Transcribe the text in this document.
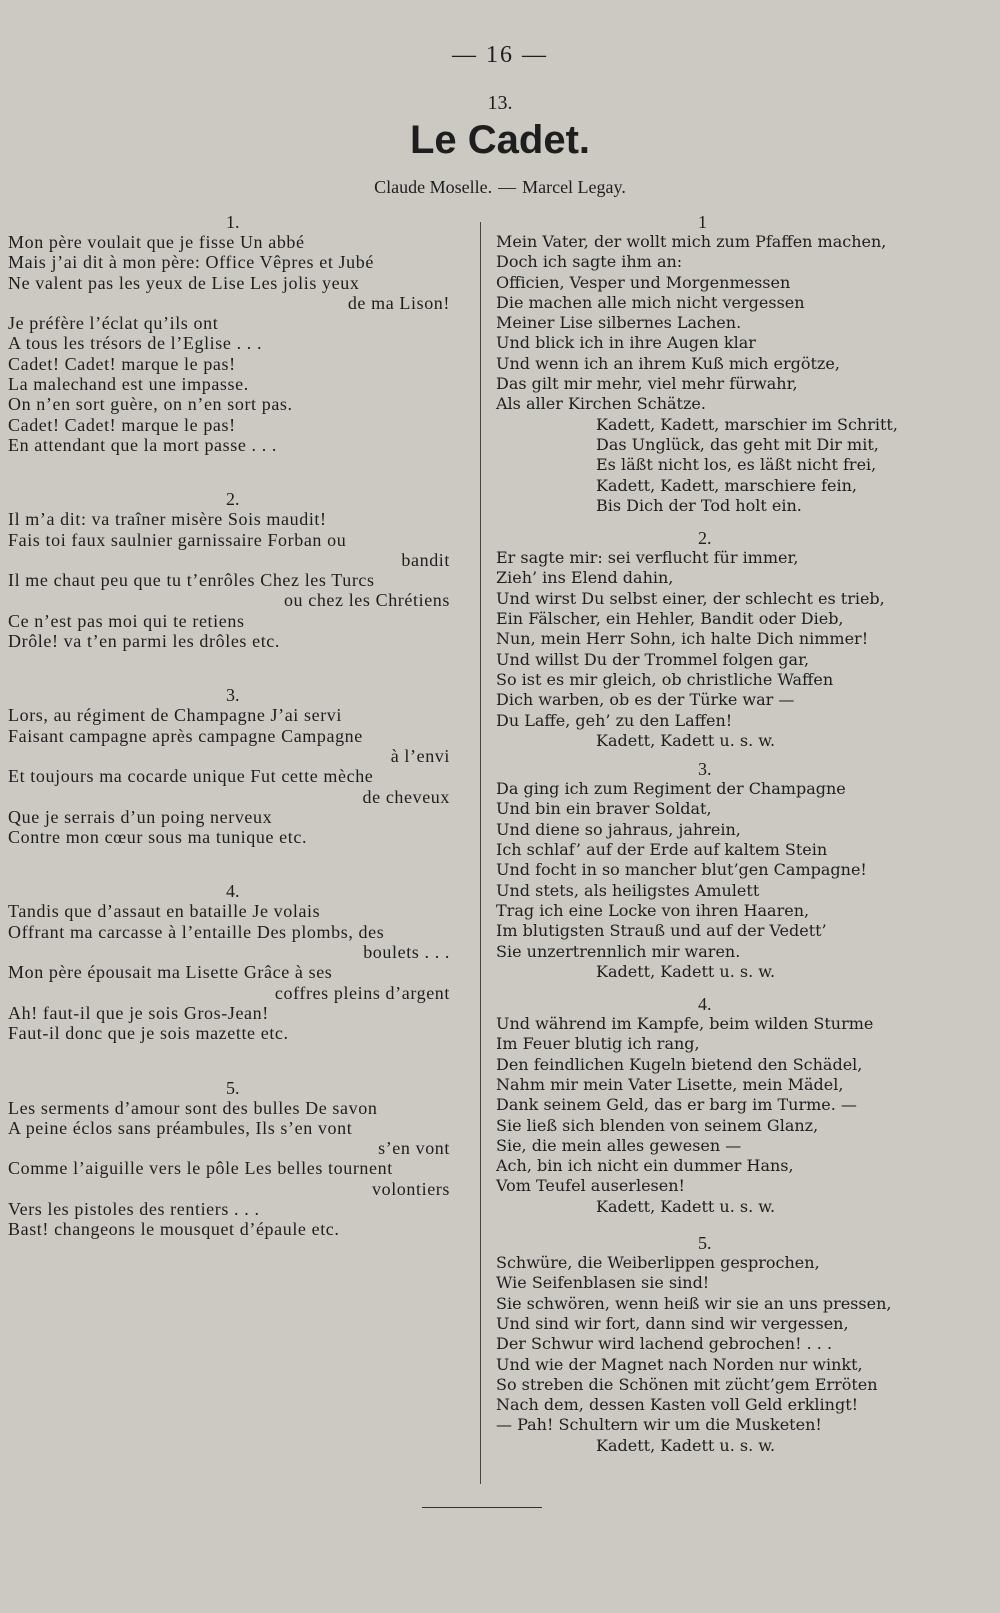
— 16 —
13.
Le Cadet.
Claude Moselle. — Marcel Legay.
1.
Mon père voulait que je fisse Un abbé
Mais j’ai dit à mon père: Office Vêpres et Jubé
Ne valent pas les yeux de Lise Les jolis yeux
de ma Lison!
Je préfère l’éclat qu’ils ont
A tous les trésors de l’Eglise . . .
Cadet! Cadet! marque le pas!
La malechand est une impasse.
On n’en sort guère, on n’en sort pas.
Cadet! Cadet! marque le pas!
En attendant que la mort passe . . .
2.
Il m’a dit: va traîner misère Sois maudit!
Fais toi faux saulnier garnissaire Forban ou
bandit
Il me chaut peu que tu t’enrôles Chez les Turcs
ou chez les Chrétiens
Ce n’est pas moi qui te retiens
Drôle! va t’en parmi les drôles etc.
3.
Lors, au régiment de Champagne J’ai servi
Faisant campagne après campagne Campagne
à l’envi
Et toujours ma cocarde unique Fut cette mèche
de cheveux
Que je serrais d’un poing nerveux
Contre mon cœur sous ma tunique etc.
4.
Tandis que d’assaut en bataille Je volais
Offrant ma carcasse à l’entaille Des plombs, des
boulets . . .
Mon père épousait ma Lisette Grâce à ses
coffres pleins d’argent
Ah! faut-il que je sois Gros-Jean!
Faut-il donc que je sois mazette etc.
5.
Les serments d’amour sont des bulles De savon
A peine éclos sans préambules, Ils s’en vont
s’en vont
Comme l’aiguille vers le pôle Les belles tournent
volontiers
Vers les pistoles des rentiers . . .
Bast! changeons le mousquet d’épaule etc.
1
Mein Vater, der wollt mich zum Pfaffen machen,
Doch ich sagte ihm an:
Officien, Vesper und Morgenmessen
Die machen alle mich nicht vergessen
Meiner Lise silbernes Lachen.
Und blick ich in ihre Augen klar
Und wenn ich an ihrem Kuß mich ergötze,
Das gilt mir mehr, viel mehr fürwahr,
Als aller Kirchen Schätze.
Kadett, Kadett, marschier im Schritt,
Das Unglück, das geht mit Dir mit,
Es läßt nicht los, es läßt nicht frei,
Kadett, Kadett, marschiere fein,
Bis Dich der Tod holt ein.
2.
Er sagte mir: sei verflucht für immer,
Zieh’ ins Elend dahin,
Und wirst Du selbst einer, der schlecht es trieb,
Ein Fälscher, ein Hehler, Bandit oder Dieb,
Nun, mein Herr Sohn, ich halte Dich nimmer!
Und willst Du der Trommel folgen gar,
So ist es mir gleich, ob christliche Waffen
Dich warben, ob es der Türke war —
Du Laffe, geh’ zu den Laffen!
Kadett, Kadett u. s. w.
3.
Da ging ich zum Regiment der Champagne
Und bin ein braver Soldat,
Und diene so jahraus, jahrein,
Ich schlaf’ auf der Erde auf kaltem Stein
Und focht in so mancher blut’gen Campagne!
Und stets, als heiligstes Amulett
Trag ich eine Locke von ihren Haaren,
Im blutigsten Strauß und auf der Vedett’
Sie unzertrennlich mir waren.
Kadett, Kadett u. s. w.
4.
Und während im Kampfe, beim wilden Sturme
Im Feuer blutig ich rang,
Den feindlichen Kugeln bietend den Schädel,
Nahm mir mein Vater Lisette, mein Mädel,
Dank seinem Geld, das er barg im Turme. —
Sie ließ sich blenden von seinem Glanz,
Sie, die mein alles gewesen —
Ach, bin ich nicht ein dummer Hans,
Vom Teufel auserlesen!
Kadett, Kadett u. s. w.
5.
Schwüre, die Weiberlippen gesprochen,
Wie Seifenblasen sie sind!
Sie schwören, wenn heiß wir sie an uns pressen,
Und sind wir fort, dann sind wir vergessen,
Der Schwur wird lachend gebrochen! . . .
Und wie der Magnet nach Norden nur winkt,
So streben die Schönen mit zücht’gem Erröten
Nach dem, dessen Kasten voll Geld erklingt!
— Pah! Schultern wir um die Musketen!
Kadett, Kadett u. s. w.
